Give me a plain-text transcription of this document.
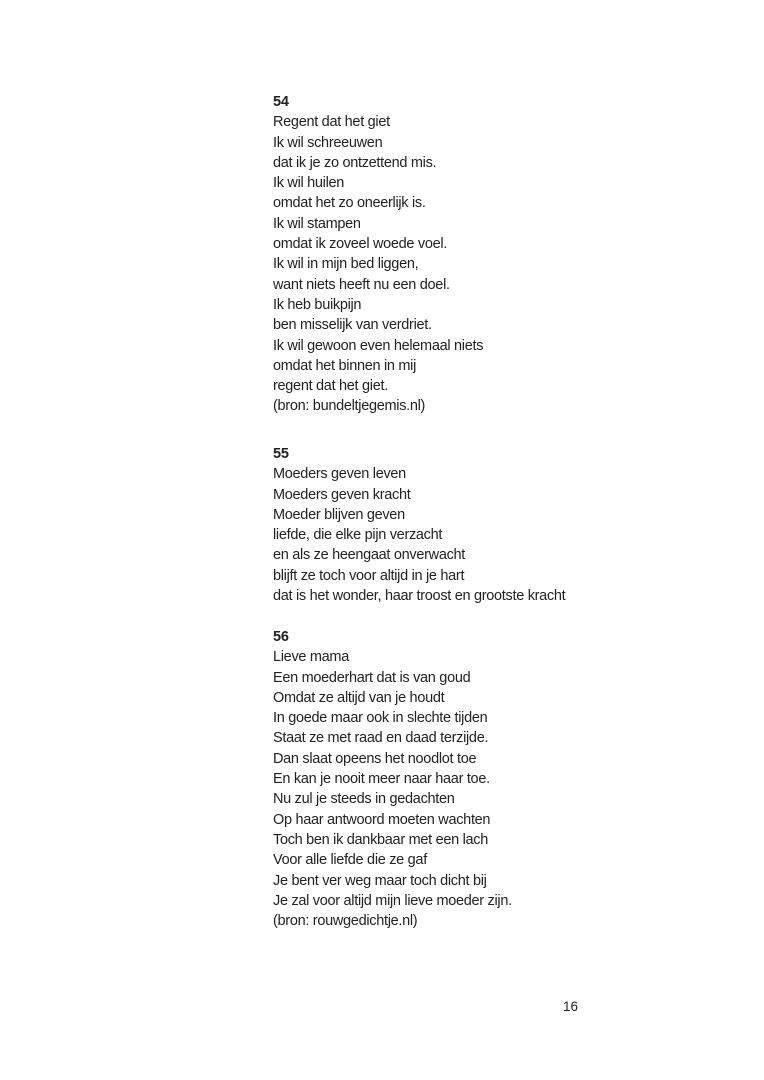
54
Regent dat het giet
Ik wil schreeuwen
dat ik je zo ontzettend mis.
Ik wil huilen
omdat het zo oneerlijk is.
Ik wil stampen
omdat ik zoveel woede voel.
Ik wil in mijn bed liggen,
want niets heeft nu een doel.
Ik heb buikpijn
ben misselijk van verdriet.
Ik wil gewoon even helemaal niets
omdat het binnen in mij
regent dat het giet.
(bron: bundeltjegemis.nl)
55
Moeders geven leven
Moeders geven kracht
Moeder blijven geven
liefde, die elke pijn verzacht
en als ze heengaat onverwacht
blijft ze toch voor altijd in je hart
dat is het wonder, haar troost en grootste kracht
56
Lieve mama
Een moederhart dat is van goud
Omdat ze altijd van je houdt
In goede maar ook in slechte tijden
Staat ze met raad en daad terzijde.
Dan slaat opeens het noodlot toe
En kan je nooit meer naar haar toe.
Nu zul je steeds in gedachten
Op haar antwoord moeten wachten
Toch ben ik dankbaar met een lach
Voor alle liefde die ze gaf
Je bent ver weg maar toch dicht bij
Je zal voor altijd mijn lieve moeder zijn.
(bron: rouwgedichtje.nl)
16
